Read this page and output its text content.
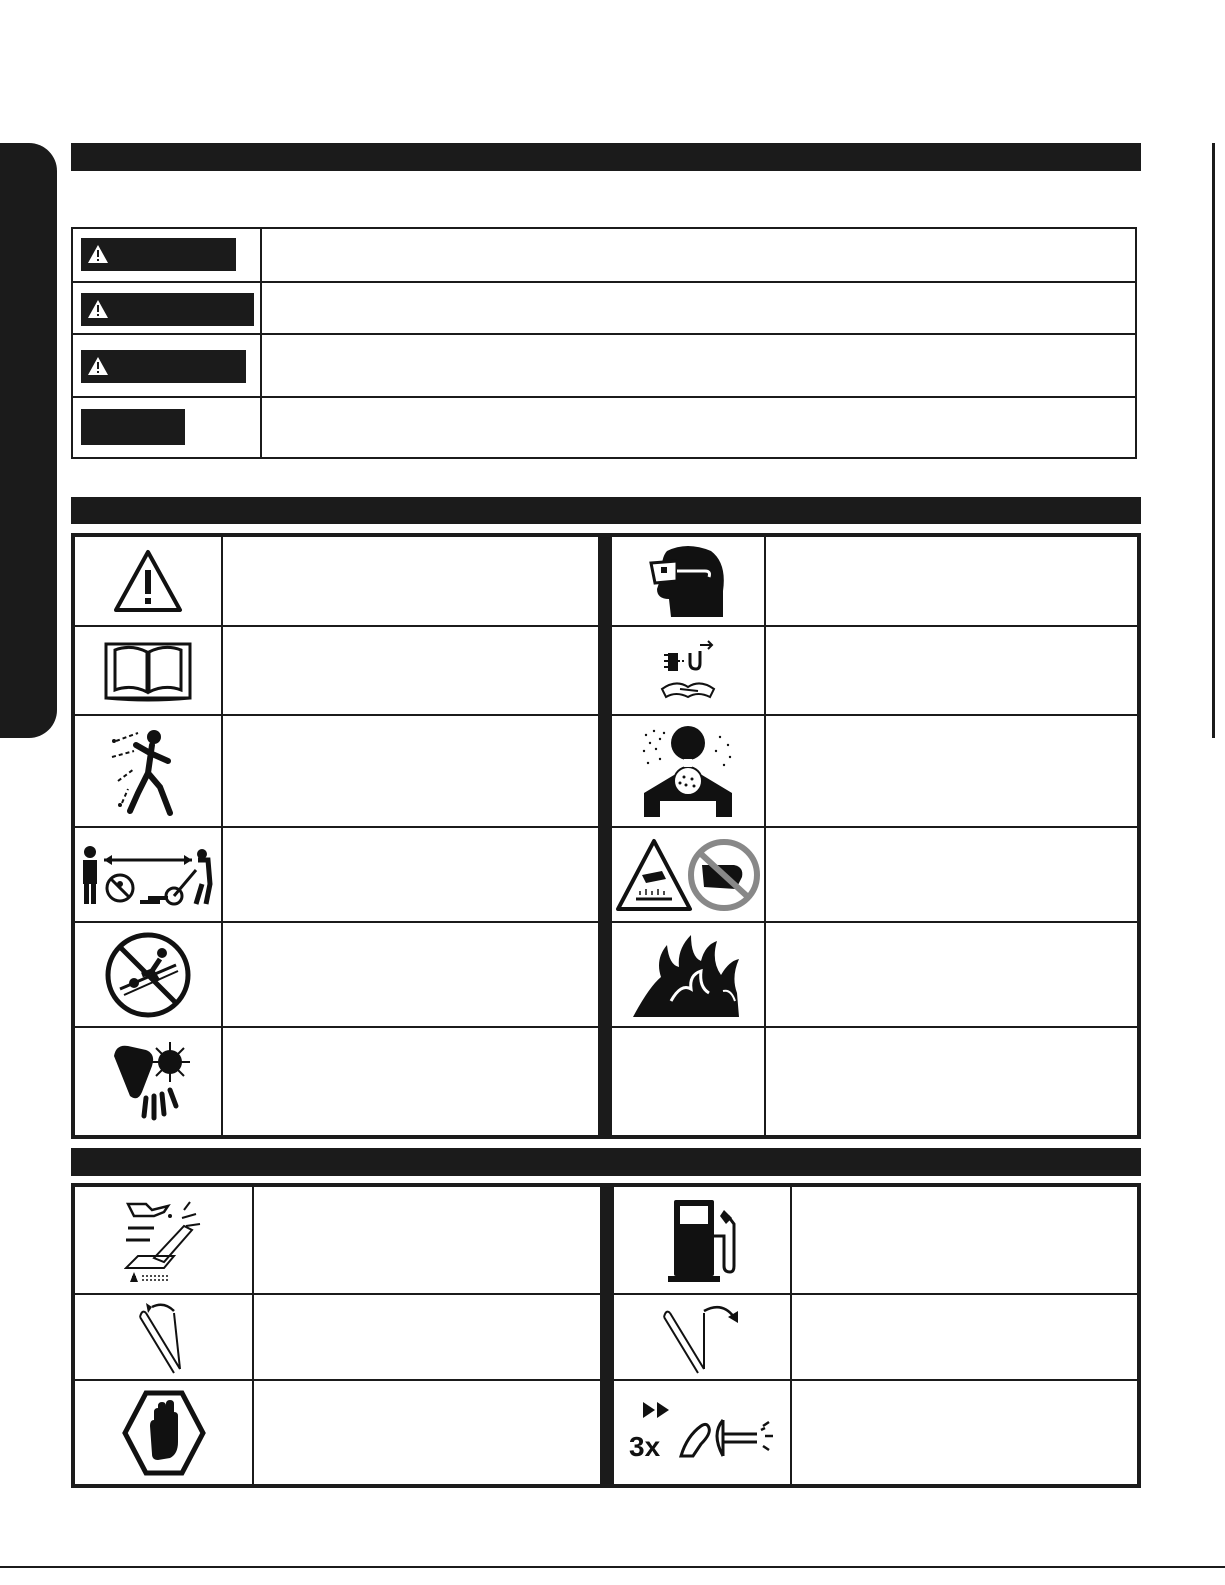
3x
